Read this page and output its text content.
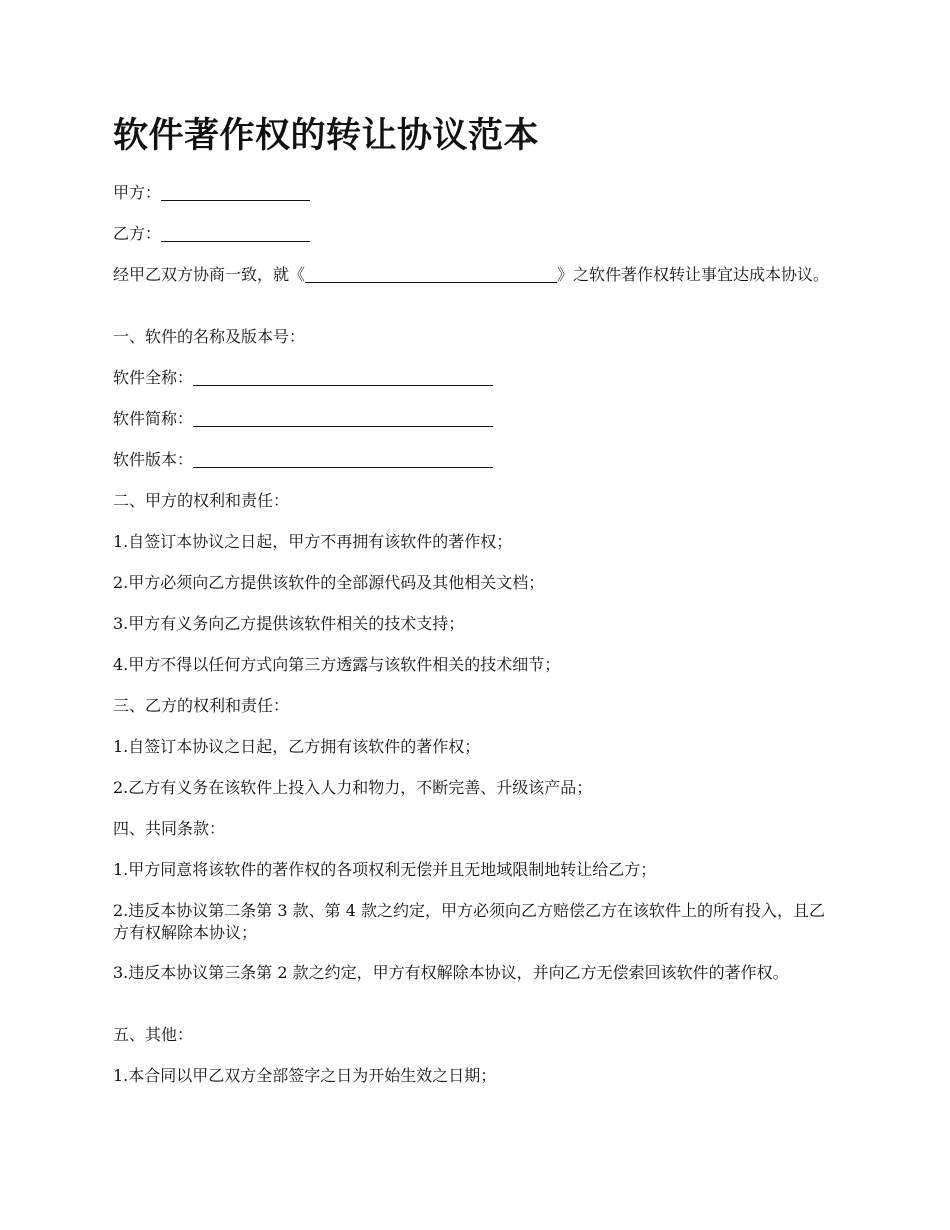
软件著作权的转让协议范本

甲方：

乙方：

经甲乙双方协商一致，就《	》之软件著作权转让事宜达成本协议。

一、软件的名称及版本号：

软件全称：

软件简称：

软件版本：

二、甲方的权利和责任：

1.自签订本协议之日起，甲方不再拥有该软件的著作权；

2.甲方必须向乙方提供该软件的全部源代码及其他相关文档；

3.甲方有义务向乙方提供该软件相关的技术支持；

4.甲方不得以任何方式向第三方透露与该软件相关的技术细节；

三、乙方的权利和责任：

1.自签订本协议之日起，乙方拥有该软件的著作权；

2.乙方有义务在该软件上投入人力和物力，不断完善、升级该产品；

四、共同条款：

1.甲方同意将该软件的著作权的各项权利无偿并且无地域限制地转让给乙方；

2.违反本协议第二条第 3 款、第 4 款之约定，甲方必须向乙方赔偿乙方在该软件上的所有投入，且乙方有权解除本协议；

3.违反本协议第三条第 2 款之约定，甲方有权解除本协议，并向乙方无偿索回该软件的著作权。

五、其他：

1.本合同以甲乙双方全部签字之日为开始生效之日期；
